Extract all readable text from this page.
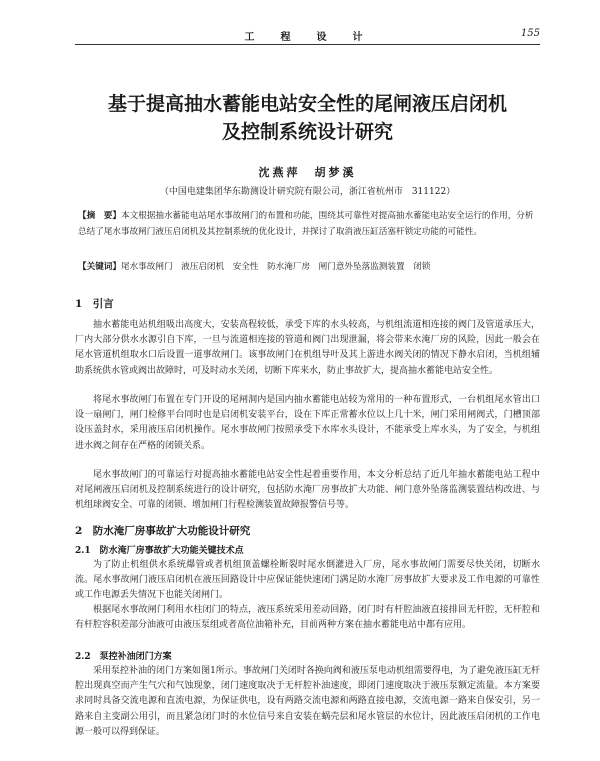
工　程　设　计	155
基于提高抽水蓄能电站安全性的尾闸液压启闭机
及控制系统设计研究
沈燕萍　胡梦溪
（中国电建集团华东勘测设计研究院有限公司，浙江省杭州市　311122）
【摘　要】本文根据抽水蓄能电站尾水事故闸门的布置和功能，围绕其可靠性对提高抽水蓄能电站安全运行的作用，分析总结了尾水事故闸门液压启闭机及其控制系统的优化设计，并探讨了取消液压缸活塞杆锁定功能的可能性。
【关键词】尾水事故闸门　液压启闭机　安全性　防水淹厂房　闸门意外坠落监测装置　闭锁
1　引言

抽水蓄能电站机组吸出高度大，安装高程较低，承受下库的水头较高，与机组流道相连接的阀门及管道承压大，厂内大部分供水水源引自下库，一旦与流道相连接的管道和阀门出现泄漏，将会带来水淹厂房的风险，因此一般会在尾水管道机组取水口后设置一道事故闸门。该事故闸门在机组导叶及其上游进水阀关闭的情况下静水启闭，当机组辅助系统供水管或阀出故障时，可及时动水关闭，切断下库来水，防止事故扩大，提高抽水蓄能电站安全性。

将尾水事故闸门布置在专门开设的尾闸洞内是国内抽水蓄能电站较为常用的一种布置形式，一台机组尾水管出口设一扇闸门，闸门检修平台同时也是启闭机安装平台，设在下库正常蓄水位以上几十米，闸门采用闸阀式，门槽顶部设压盖封水，采用液压启闭机操作。尾水事故闸门按照承受下水库水头设计，不能承受上库水头，为了安全，与机组进水阀之间存在严格的闭锁关系。

尾水事故闸门的可靠运行对提高抽水蓄能电站安全性起着重要作用，本文分析总结了近几年抽水蓄能电站工程中对尾闸液压启闭机及控制系统进行的设计研究，包括防水淹厂房事故扩大功能、闸门意外坠落监测装置结构改进、与机组球阀安全、可靠的闭锁、增加闸门行程检测装置故障报警信号等。

2　防水淹厂房事故扩大功能设计研究
2.1　防水淹厂房事故扩大功能关键技术点

为了防止机组供水系统爆管或者机组顶盖螺栓断裂时尾水倒灌进入厂房，尾水事故闸门需要尽快关闭，切断水流。尾水事故闸门液压启闭机在液压回路设计中应保证能快速闭门满足防水淹厂房事故扩大要求及工作电源的可靠性或工作电源丢失情况下也能关闭闸门。

根据尾水事故闸门利用水柱闭门的特点，液压系统采用差动回路，闭门时有杆腔油液直接排回无杆腔，无杆腔和有杆腔容积差部分油液可由液压泵组或者高位油箱补充，目前两种方案在抽水蓄能电站中都有应用。

2.2　泵控补油闭门方案

采用泵控补油的闭门方案如图1所示。事故闸门关闭时各换向阀和液压泵电动机组需要得电，为了避免液压缸无杆腔出现真空而产生气穴和气蚀现象，闭门速度取决于无杆腔补油速度，即闭门速度取决于液压泵额定流量。本方案要求同时具备交流电源和直流电源，为保证供电，设有两路交流电源和两路直接电源，交流电源一路来自保安引，另一路来自主变副公用引，而且紧急闭门时的水位信号来自安装在蜗壳层和尾水管层的水位计，因此液压启闭机的工作电源一般可以得到保证。
